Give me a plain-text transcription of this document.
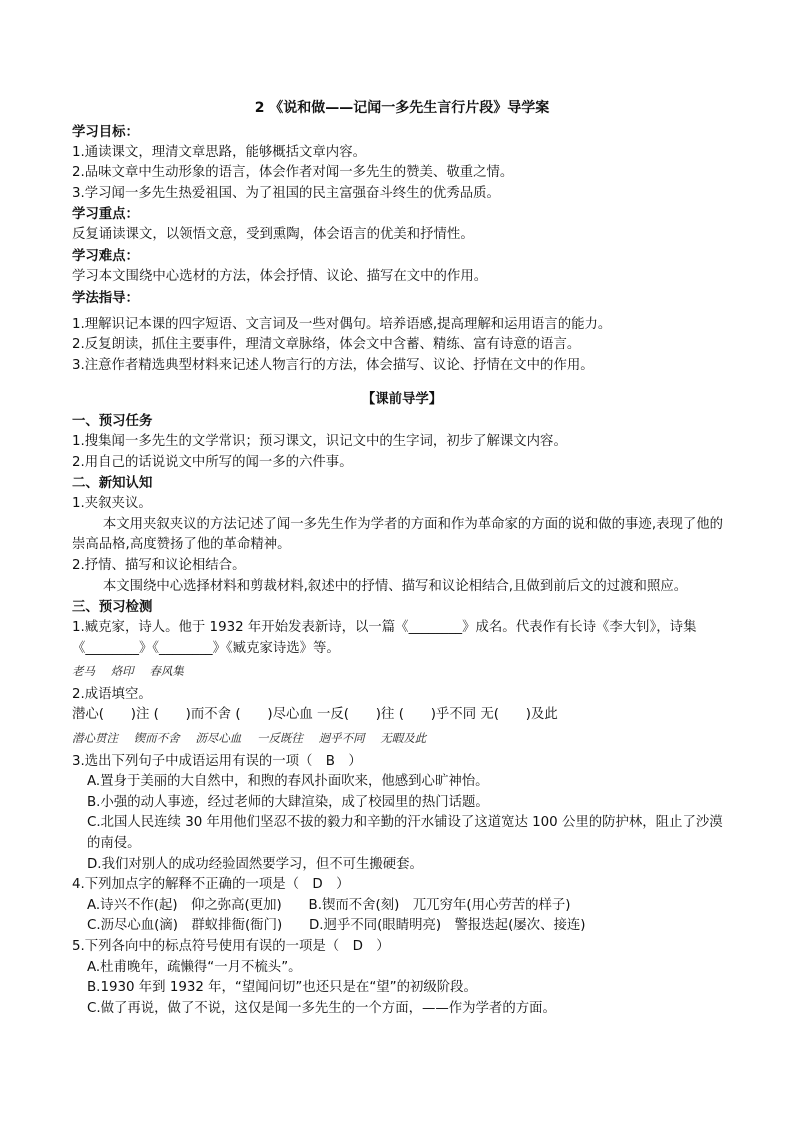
2 《说和做——记闻一多先生言行片段》导学案

学习目标：

1.通读课文，理清文章思路，能够概括文章内容。

2.品味文章中生动形象的语言，体会作者对闻一多先生的赞美、敬重之情。

3.学习闻一多先生热爱祖国、为了祖国的民主富强奋斗终生的优秀品质。

学习重点：

反复诵读课文，以领悟文意，受到熏陶，体会语言的优美和抒情性。

学习难点：

学习本文围绕中心选材的方法，体会抒情、议论、描写在文中的作用。

学法指导：

1.理解识记本课的四字短语、文言词及一些对偶句。培养语感,提高理解和运用语言的能力。

2.反复朗读，抓住主要事件，理清文章脉络，体会文中含蓄、精练、富有诗意的语言。

3.注意作者精选典型材料来记述人物言行的方法，体会描写、议论、抒情在文中的作用。

【课前导学】

一、预习任务

1.搜集闻一多先生的文学常识；预习课文，识记文中的生字词，初步了解课文内容。

2.用自己的话说说文中所写的闻一多的六件事。

二、新知认知

1.夹叙夹议。

本文用夹叙夹议的方法记述了闻一多先生作为学者的方面和作为革命家的方面的说和做的事迹,表现了他的崇高品格,高度赞扬了他的革命精神。

2.抒情、描写和议论相结合。

本文围绕中心选择材料和剪裁材料,叙述中的抒情、描写和议论相结合,且做到前后文的过渡和照应。

三、预习检测

1.臧克家，诗人。他于 1932 年开始发表新诗，以一篇《________》成名。代表作有长诗《李大钊》，诗集

《________》《________》《臧克家诗选》等。

老马 烙印 春风集

2.成语填空。

潜心(　　)注 (　　)而不舍 (　　)尽心血 一反(　　)往 (　　)乎不同 无(　　)及此

潜心贯注 锲而不舍 沥尽心血 一反既往 迥乎不同 无暇及此

3.选出下列句子中成语运用有误的一项（　B　）

A.置身于美丽的大自然中，和煦的春风扑面吹来，他感到心旷神怡。

B.小强的动人事迹，经过老师的大肆渲染，成了校园里的热门话题。

C.北国人民连续 30 年用他们坚忍不拔的毅力和辛勤的汗水铺设了这道宽达 100 公里的防护林，阻止了沙漠的南侵。

D.我们对别人的成功经验固然要学习，但不可生搬硬套。

4.下列加点字的解释不正确的一项是（　D　）

A.诗兴不作(起)　仰之弥高(更加)　　 B.锲而不舍(刻)　兀兀穷年(用心劳苦的样子)

C.沥尽心血(滴)　群蚁排衙(衙门)　　 D.迥乎不同(眼睛明亮)　警报迭起(屡次、接连)

5.下列各向中的标点符号使用有误的一项是（　D　）

A.杜甫晚年，疏懒得“一月不梳头”。

B.1930 年到 1932 年，“望闻问切”也还只是在“望”的初级阶段。

C.做了再说，做了不说，这仅是闻一多先生的一个方面，——作为学者的方面。
